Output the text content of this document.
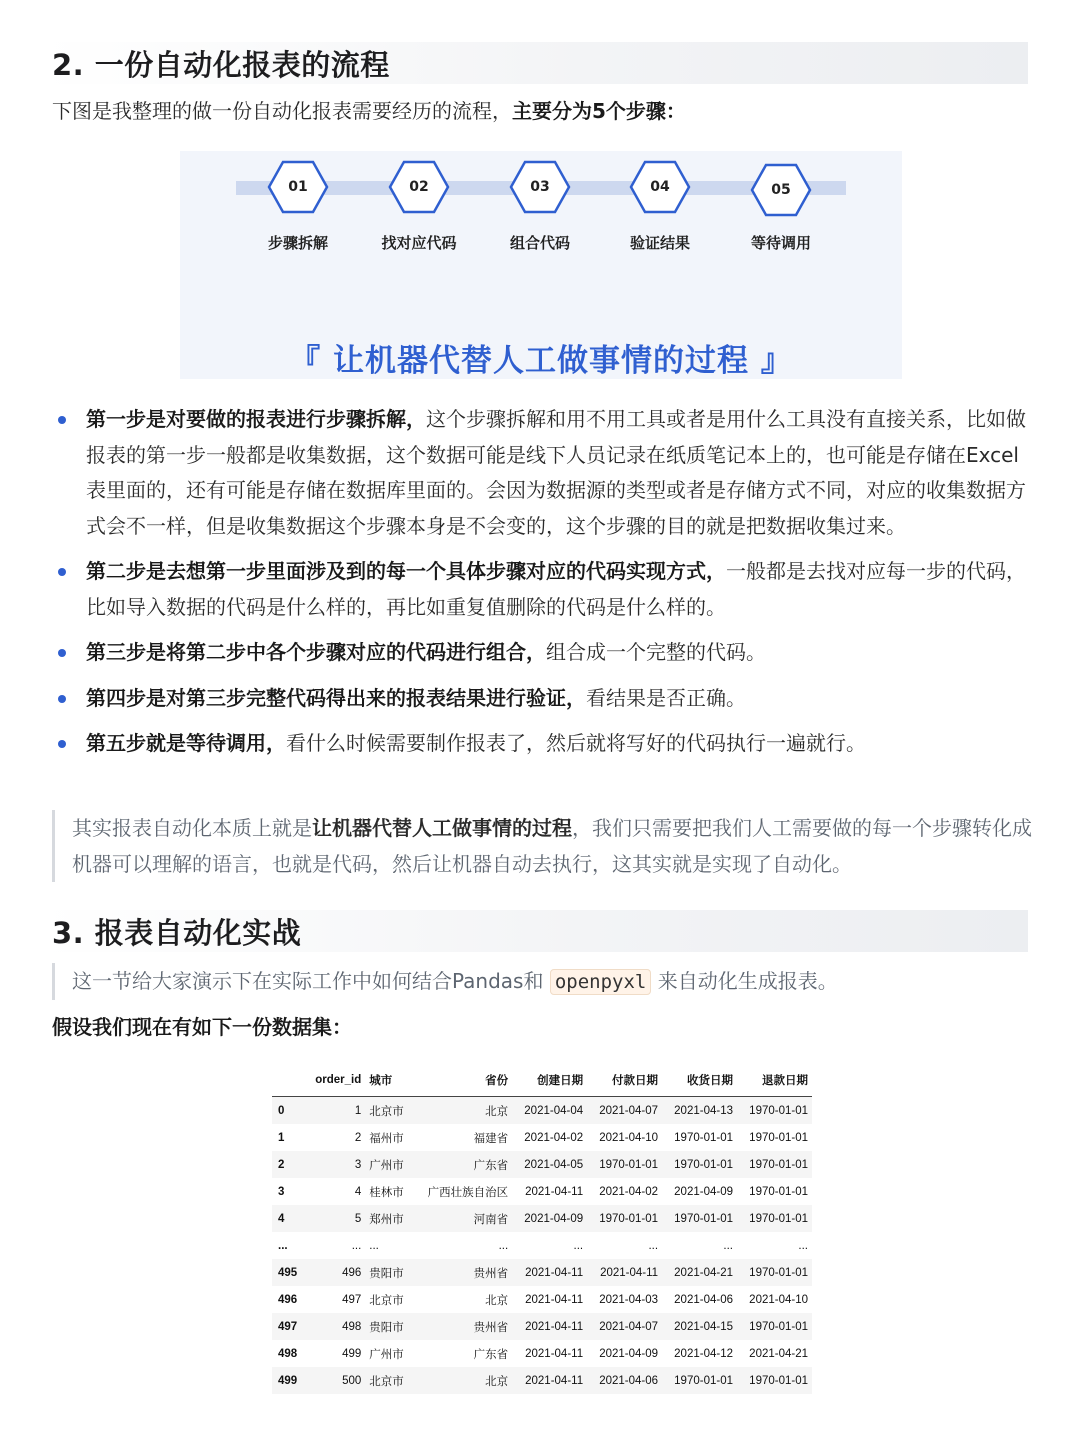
2. 一份自动化报表的流程
下图是我整理的做一份自动化报表需要经历的流程，主要分为5个步骤：
01
步骤拆解
02
找对应代码
03
组合代码
04
验证结果
05
等待调用
『 让机器代替人工做事情的过程 』
第一步是对要做的报表进行步骤拆解，这个步骤拆解和用不用工具或者是用什么工具没有直接关系，比如做报表的第一步一般都是收集数据，这个数据可能是线下人员记录在纸质笔记本上的，也可能是存储在Excel表里面的，还有可能是存储在数据库里面的。会因为数据源的类型或者是存储方式不同，对应的收集数据方式会不一样，但是收集数据这个步骤本身是不会变的，这个步骤的目的就是把数据收集过来。
第二步是去想第一步里面涉及到的每一个具体步骤对应的代码实现方式，一般都是去找对应每一步的代码，比如导入数据的代码是什么样的，再比如重复值删除的代码是什么样的。
第三步是将第二步中各个步骤对应的代码进行组合，组合成一个完整的代码。
第四步是对第三步完整代码得出来的报表结果进行验证，看结果是否正确。
第五步就是等待调用，看什么时候需要制作报表了，然后就将写好的代码执行一遍就行。
其实报表自动化本质上就是让机器代替人工做事情的过程，我们只需要把我们人工需要做的每一个步骤转化成机器可以理解的语言，也就是代码，然后让机器自动去执行，这其实就是实现了自动化。
3. 报表自动化实战
这一节给大家演示下在实际工作中如何结合Pandas和 openpyxl 来自动化生成报表。
假设我们现在有如下一份数据集：
	order_id	城市	省份	创建日期	付款日期	收货日期	退款日期
0	1	北京市	北京	2021-04-04	2021-04-07	2021-04-13	1970-01-01
1	2	福州市	福建省	2021-04-02	2021-04-10	1970-01-01	1970-01-01
2	3	广州市	广东省	2021-04-05	1970-01-01	1970-01-01	1970-01-01
3	4	桂林市	广西壮族自治区	2021-04-11	2021-04-02	2021-04-09	1970-01-01
4	5	郑州市	河南省	2021-04-09	1970-01-01	1970-01-01	1970-01-01
...	...	...	...	...	...	...	...
495	496	贵阳市	贵州省	2021-04-11	2021-04-11	2021-04-21	1970-01-01
496	497	北京市	北京	2021-04-11	2021-04-03	2021-04-06	2021-04-10
497	498	贵阳市	贵州省	2021-04-11	2021-04-07	2021-04-15	1970-01-01
498	499	广州市	广东省	2021-04-11	2021-04-09	2021-04-12	2021-04-21
499	500	北京市	北京	2021-04-11	2021-04-06	1970-01-01	1970-01-01
